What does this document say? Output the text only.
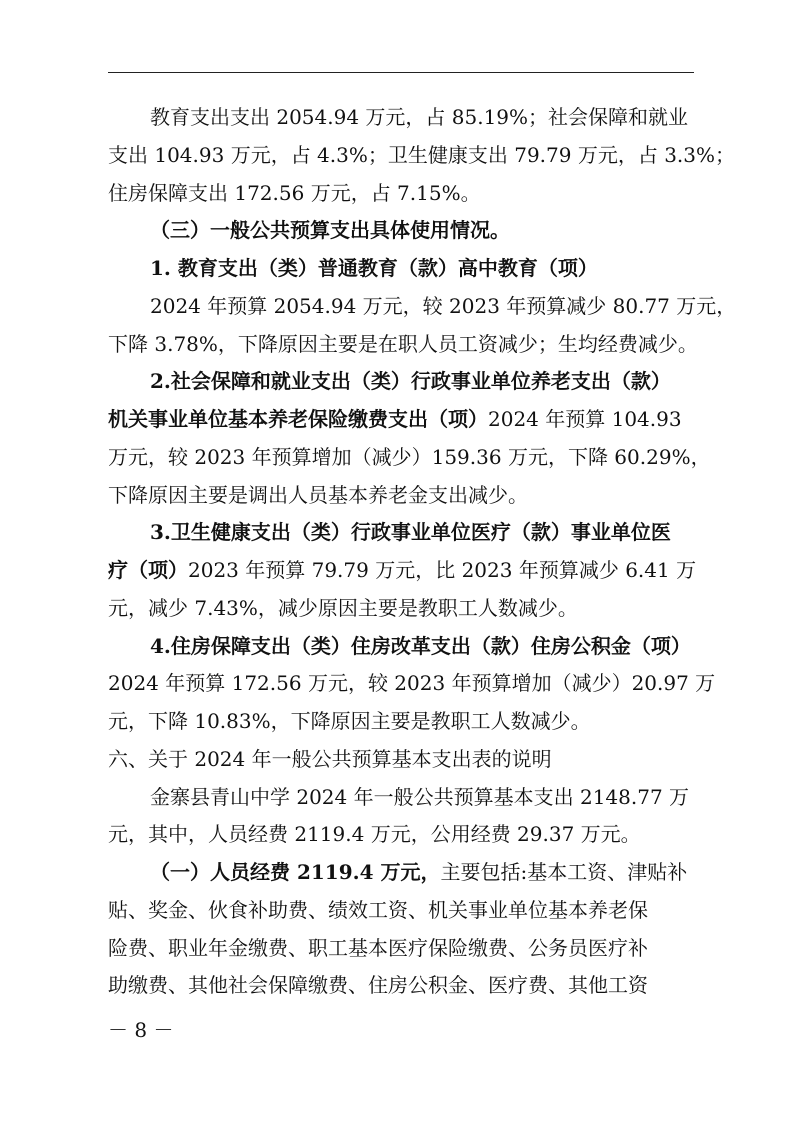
教育支出支出 2054.94 万元，占 85.19%；社会保障和就业
支出 104.93 万元，占 4.3%；卫生健康支出 79.79 万元，占 3.3%；
住房保障支出 172.56 万元，占 7.15%。
（三）一般公共预算支出具体使用情况。
1. 教育支出（类）普通教育（款）高中教育（项）
2024 年预算 2054.94 万元，较 2023 年预算减少 80.77 万元，
下降 3.78%，下降原因主要是在职人员工资减少；生均经费减少。
2.社会保障和就业支出（类）行政事业单位养老支出（款）
机关事业单位基本养老保险缴费支出（项）2024 年预算 104.93
万元，较 2023 年预算增加（减少）159.36 万元，下降 60.29%，
下降原因主要是调出人员基本养老金支出减少。
3.卫生健康支出（类）行政事业单位医疗（款）事业单位医
疗（项）2023 年预算 79.79 万元，比 2023 年预算减少 6.41 万
元，减少 7.43%，减少原因主要是教职工人数减少。
4.住房保障支出（类）住房改革支出（款）住房公积金（项）
2024 年预算 172.56 万元，较 2023 年预算增加（减少）20.97 万
元，下降 10.83%，下降原因主要是教职工人数减少。
六、关于 2024 年一般公共预算基本支出表的说明
金寨县青山中学 2024 年一般公共预算基本支出 2148.77 万
元，其中，人员经费 2119.4 万元，公用经费 29.37 万元。
（一）人员经费 2119.4 万元，主要包括:基本工资、津贴补
贴、奖金、伙食补助费、绩效工资、机关事业单位基本养老保
险费、职业年金缴费、职工基本医疗保险缴费、公务员医疗补
助缴费、其他社会保障缴费、住房公积金、医疗费、其他工资
－ 8 －
